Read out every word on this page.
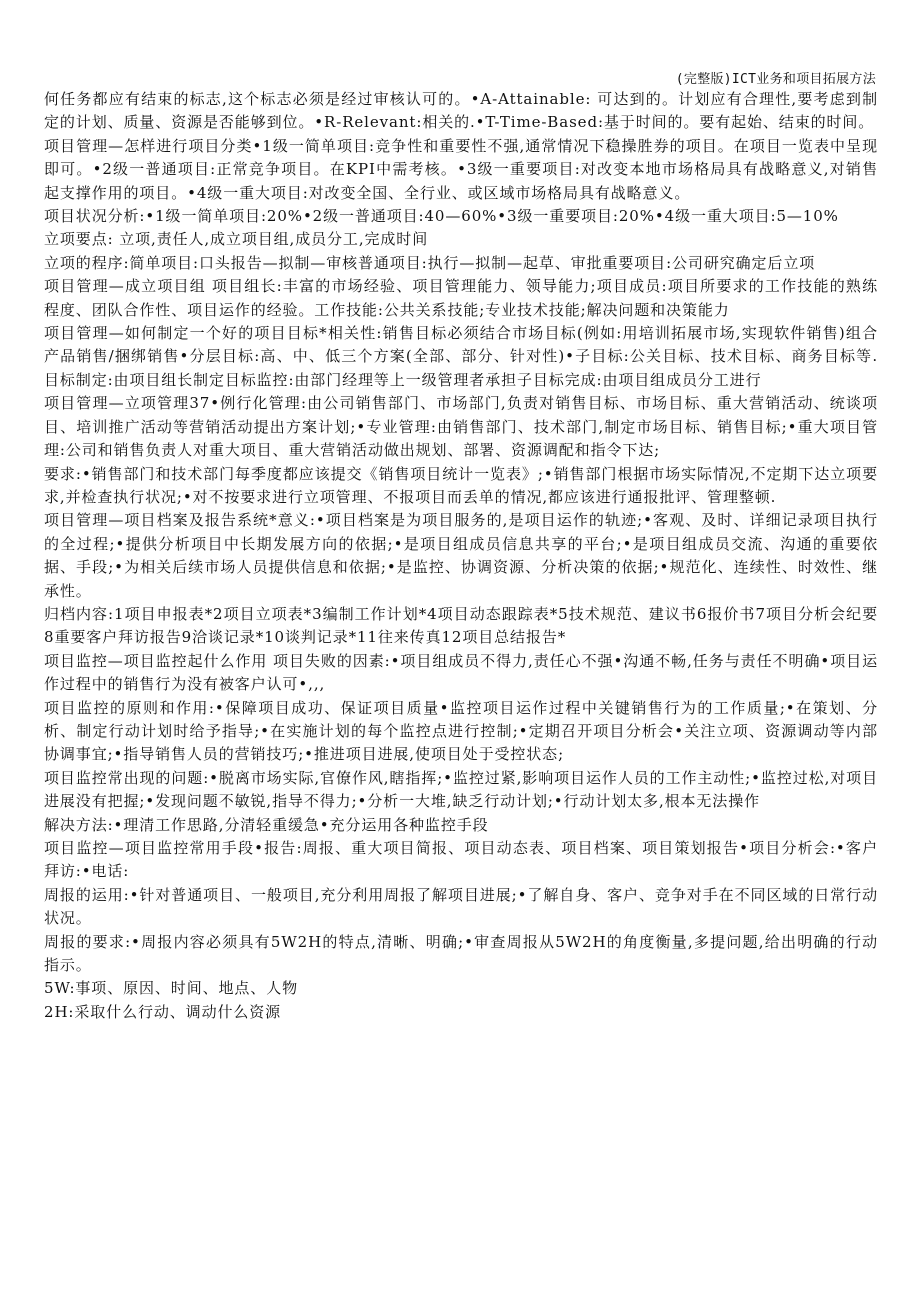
(完整版)ICT业务和项目拓展方法

何任务都应有结束的标志,这个标志必须是经过审核认可的。•A-Attainable: 可达到的。计划应有合理性,要考虑到制定的计划、质量、资源是否能够到位。•R-Relevant:相关的.•T-Time-Based:基于时间的。要有起始、结束的时间。

项目管理—怎样进行项目分类•1级一简单项目:竞争性和重要性不强,通常情况下稳操胜券的项目。在项目一览表中呈现即可。•2级一普通项目:正常竞争项目。在KPI中需考核。•3级一重要项目:对改变本地市场格局具有战略意义,对销售起支撑作用的项目。•4级一重大项目:对改变全国、全行业、或区域市场格局具有战略意义。

项目状况分析:•1级一简单项目:20%•2级一普通项目:40—60%•3级一重要项目:20%•4级一重大项目:5—10%

立项要点: 立项,责任人,成立项目组,成员分工,完成时间

立项的程序:简单项目:口头报告—拟制—审核普通项目:执行—拟制—起草、审批重要项目:公司研究确定后立项

项目管理—成立项目组 项目组长:丰富的市场经验、项目管理能力、领导能力;项目成员:项目所要求的工作技能的熟练程度、团队合作性、项目运作的经验。工作技能:公共关系技能;专业技术技能;解决问题和决策能力

项目管理—如何制定一个好的项目目标*相关性:销售目标必须结合市场目标(例如:用培训拓展市场,实现软件销售)组合产品销售/捆绑销售•分层目标:高、中、低三个方案(全部、部分、针对性)•子目标:公关目标、技术目标、商务目标等.目标制定:由项目组长制定目标监控:由部门经理等上一级管理者承担子目标完成:由项目组成员分工进行

项目管理—立项管理37•例行化管理:由公司销售部门、市场部门,负责对销售目标、市场目标、重大营销活动、统谈项目、培训推广活动等营销活动提出方案计划;•专业管理:由销售部门、技术部门,制定市场目标、销售目标;•重大项目管理:公司和销售负责人对重大项目、重大营销活动做出规划、部署、资源调配和指令下达;

要求:•销售部门和技术部门每季度都应该提交《销售项目统计一览表》;•销售部门根据市场实际情况,不定期下达立项要求,并检查执行状况;•对不按要求进行立项管理、不报项目而丢单的情况,都应该进行通报批评、管理整顿.

项目管理—项目档案及报告系统*意义:•项目档案是为项目服务的,是项目运作的轨迹;•客观、及时、详细记录项目执行的全过程;•提供分析项目中长期发展方向的依据;•是项目组成员信息共享的平台;•是项目组成员交流、沟通的重要依据、手段;•为相关后续市场人员提供信息和依据;•是监控、协调资源、分析决策的依据;•规范化、连续性、时效性、继承性。

归档内容:1项目申报表*2项目立项表*3编制工作计划*4项目动态跟踪表*5技术规范、建议书6报价书7项目分析会纪要8重要客户拜访报告9洽谈记录*10谈判记录*11往来传真12项目总结报告*

项目监控—项目监控起什么作用 项目失败的因素:•项目组成员不得力,责任心不强•沟通不畅,任务与责任不明确•项目运作过程中的销售行为没有被客户认可•,,,

项目监控的原则和作用:•保障项目成功、保证项目质量•监控项目运作过程中关键销售行为的工作质量;•在策划、分析、制定行动计划时给予指导;•在实施计划的每个监控点进行控制;•定期召开项目分析会•关注立项、资源调动等内部协调事宜;•指导销售人员的营销技巧;•推进项目进展,使项目处于受控状态;

项目监控常出现的问题:•脱离市场实际,官僚作风,瞎指挥;•监控过紧,影响项目运作人员的工作主动性;•监控过松,对项目进展没有把握;•发现问题不敏锐,指导不得力;•分析一大堆,缺乏行动计划;•行动计划太多,根本无法操作

解决方法:•理清工作思路,分清轻重缓急•充分运用各种监控手段

项目监控—项目监控常用手段•报告:周报、重大项目简报、项目动态表、项目档案、项目策划报告•项目分析会:•客户拜访:•电话:

周报的运用:•针对普通项目、一般项目,充分利用周报了解项目进展;•了解自身、客户、竞争对手在不同区域的日常行动状况。

周报的要求:•周报内容必须具有5W2H的特点,清晰、明确;•审查周报从5W2H的角度衡量,多提问题,给出明确的行动指示。

5W:事项、原因、时间、地点、人物

2H:采取什么行动、调动什么资源
